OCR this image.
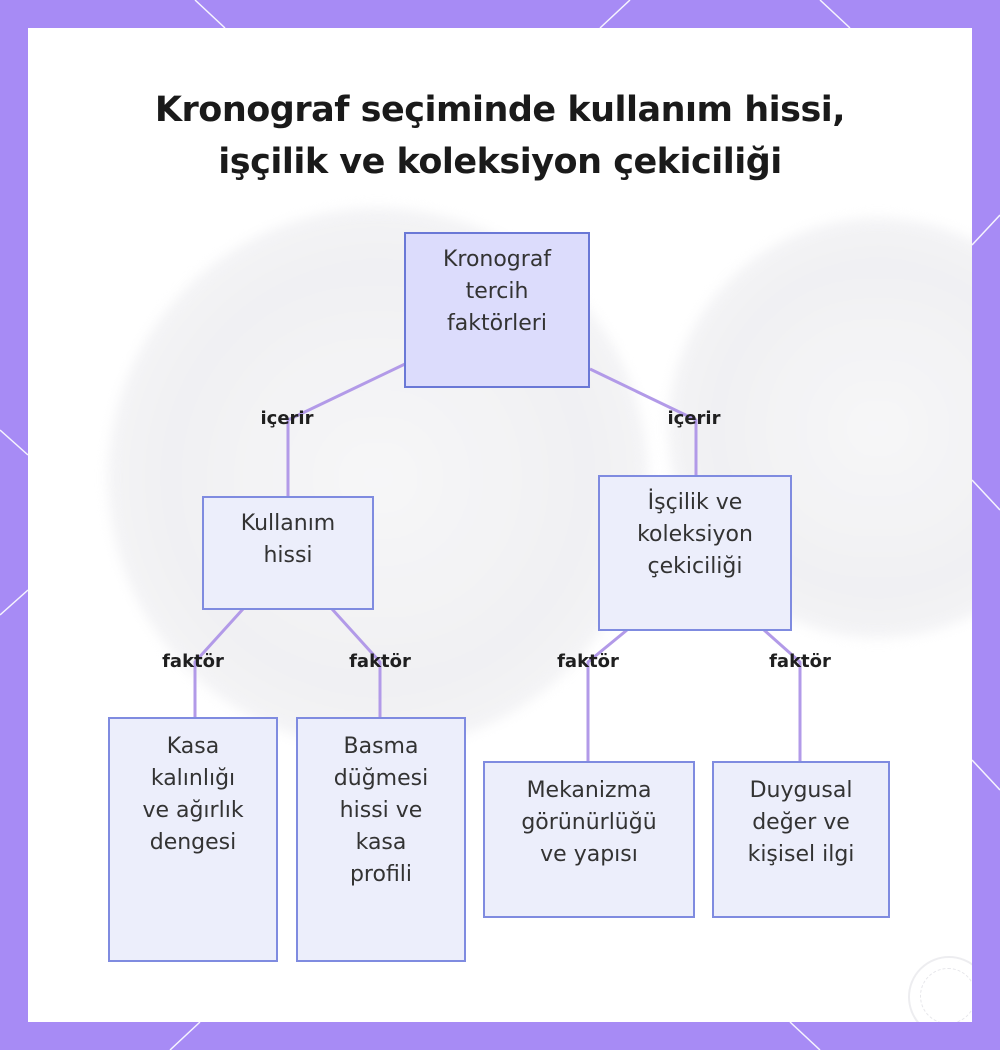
Kronograf seçiminde kullanım hissi,
işçilik ve koleksiyon çekiciliği
Kronograf
tercih
faktörleri
Kullanım
hissi
İşçilik ve
koleksiyon
çekiciliği
Kasa
kalınlığı
ve ağırlık
dengesi
Basma
düğmesi
hissi ve
kasa
profili
Mekanizma
görünürlüğü
ve yapısı
Duygusal
değer ve
kişisel ilgi
içerir	içerir
faktör	faktör	faktör	faktör
